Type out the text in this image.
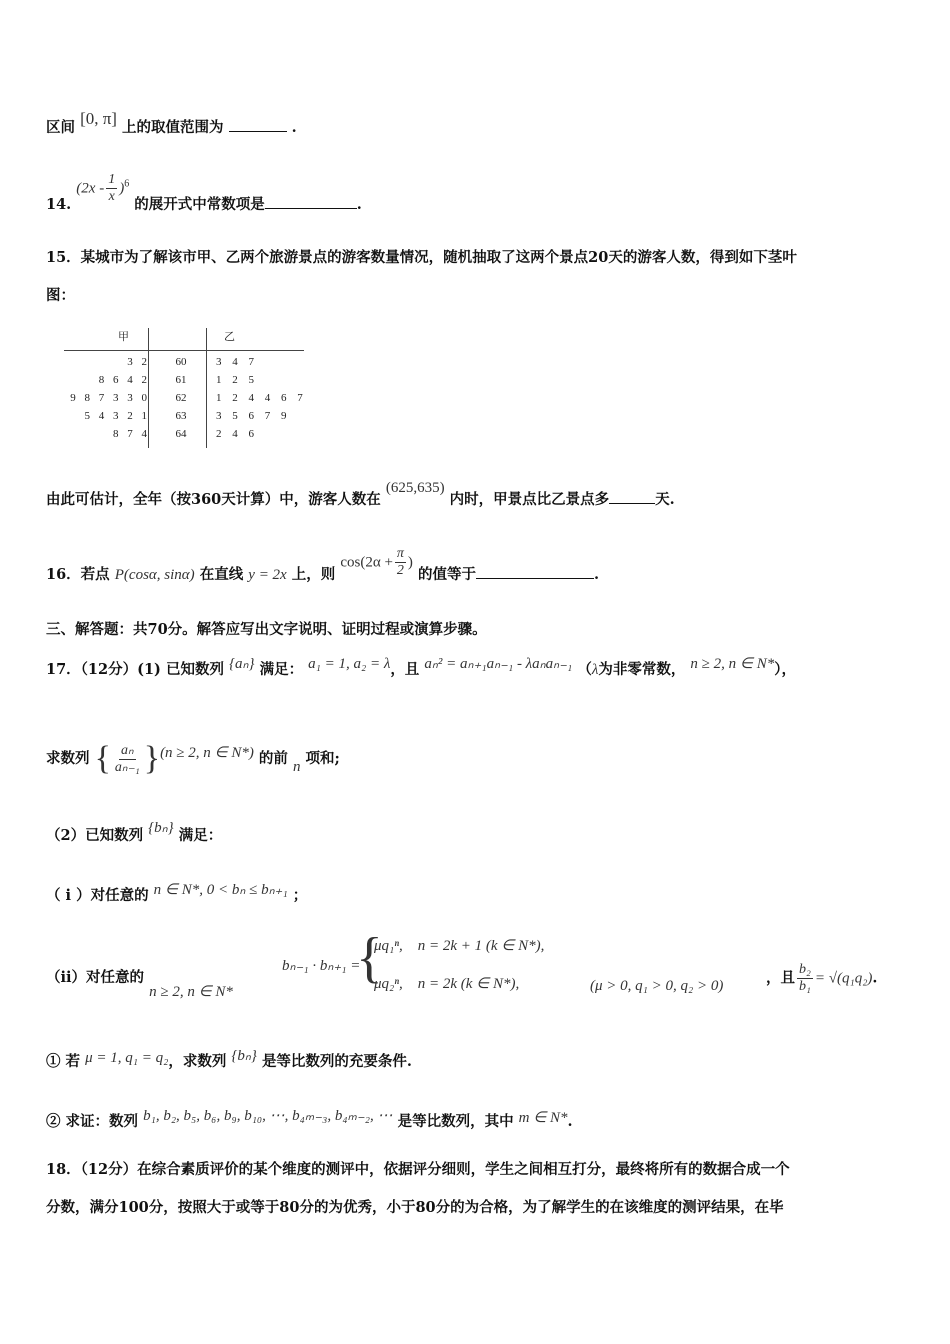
区间 [0, π] 上的取值范围为	.
14. $(2x - \frac{1}{x} )^6$ 的展开式中常数项是	.
15．某城市为了解该市甲、乙两个旅游景点的游客数量情况，随机抽取了这两个景点20天的游客人数，得到如下茎叶
图：
甲	乙
3 2	60	3 4 7
8 6 4 2	61	1 2 5
9 8 7 3 3 0	62	1 2 4 4 6 7
5 4 3 2 1	63	3 5 6 7 9
8 7 4	64	2 4 6
由此可估计，全年（按360天计算）中，游客人数在 (625,635) 内时，甲景点比乙景点多	天.
16．若点 P(cosα, sinα) 在直线 y = 2x 上，则 $\cos(2\alpha + \frac{\pi}{2}$ ) 的值等于	.
三、解答题：共70分。解答应写出文字说明、证明过程或演算步骤。
17．（12分）(1) 已知数列 {aₙ} 满足： a₁ = 1, a₂ = λ，且 aₙ² = aₙ₊₁aₙ₋₁ - λaₙaₙ₋₁ （λ为非零常数， n ≥ 2, n ∈ N*），
求数列 { $\frac{\text{aₙ}}{\text{aₙ₋₁}} \}(n \ge 2$, n ∈ N*) 的前 n 项和;
（2）已知数列 {bₙ} 满足：
（ i ）对任意的 n ∈ N*, 0 < bₙ ≤ bₙ₊₁ ；
（ii）对任意的 n ≥ 2, n ∈ N*
bₙ₋₁ · bₙ₊₁ =
{
μq₁ⁿ,    n = 2k + 1 (k ∈ N*),
μq₂ⁿ,    n = 2k (k ∈ N*),	(μ > 0, q₁ > 0, q₂ > 0)	，且 $\frac{\text{b₂}}{\text{b₁}} = √(q_1q_2)$.
① 若 μ = 1, q₁ = q₂，求数列 {bₙ} 是等比数列的充要条件.
② 求证：数列 b₁, b₂, b₅, b₆, b₉, b₁₀, ⋯, b₄ₘ₋₃, b₄ₘ₋₂, ⋯ 是等比数列，其中 m ∈ N*.
18．（12分）在综合素质评价的某个维度的测评中，依据评分细则，学生之间相互打分，最终将所有的数据合成一个
分数，满分100分，按照大于或等于80分的为优秀，小于80分的为合格，为了解学生的在该维度的测评结果，在毕
